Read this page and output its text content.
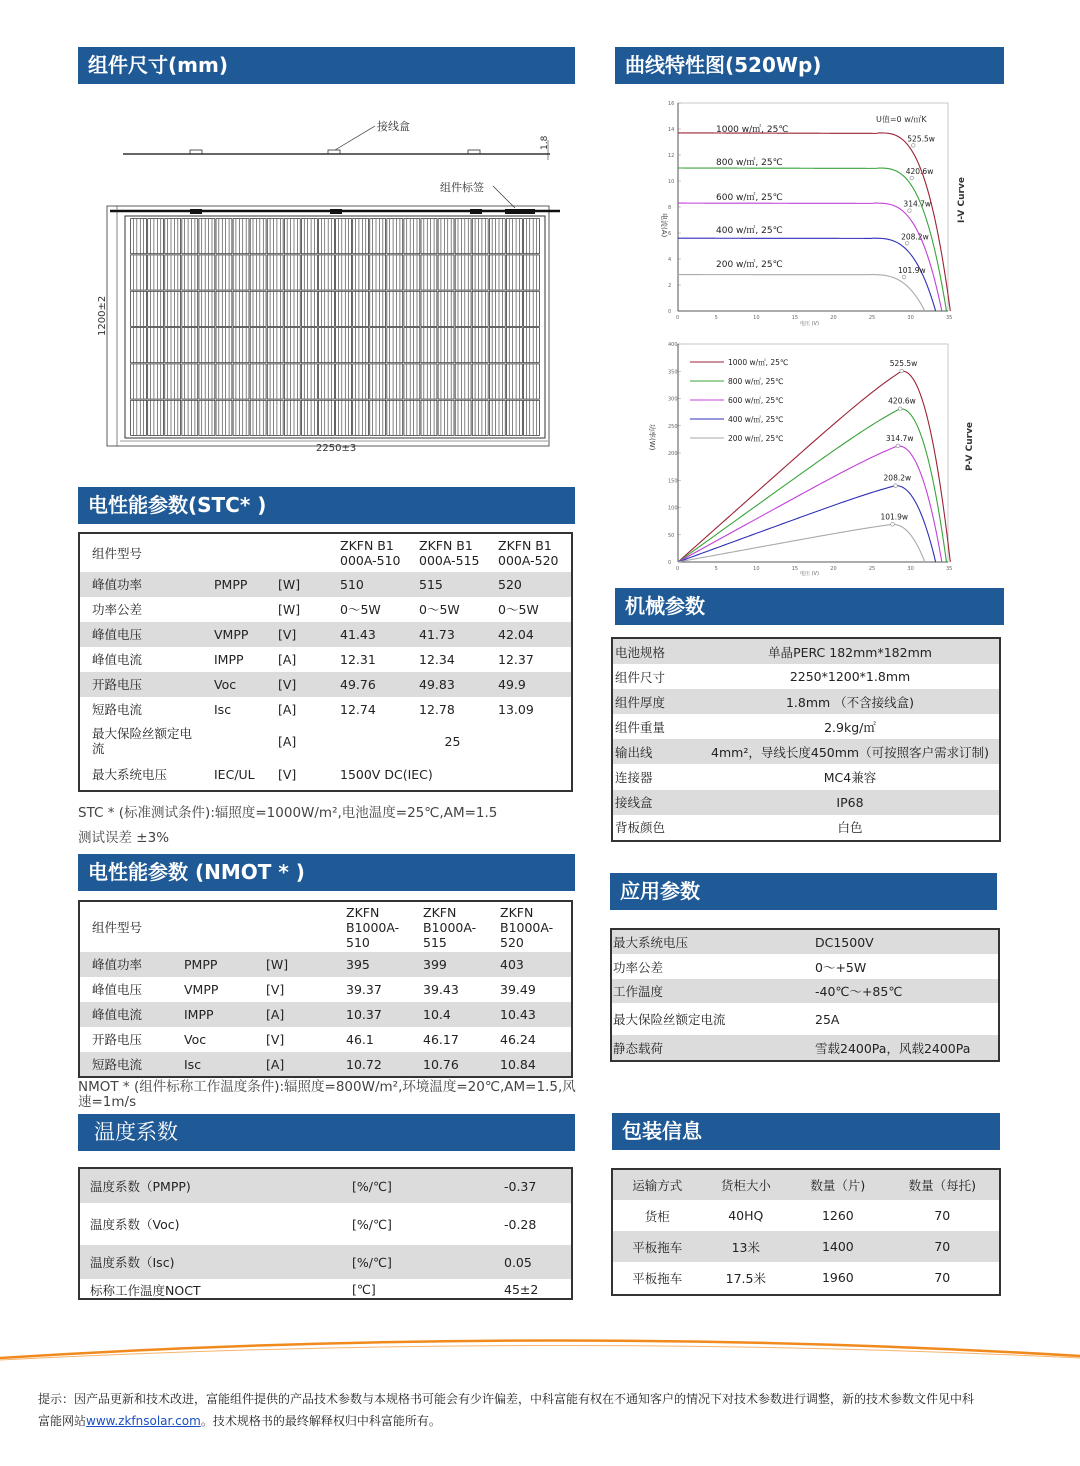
组件尺寸(mm)	曲线特性图(520Wp)
电性能参数(STC* )
机械参数
电性能参数 (NMOT * )
应用参数
温度系数	包装信息
接线盒
1.8
组件标签
1200±2
2250±3
0	5	10	15	20	25	30	35
0
2
4
6
8
10
12
14
16
525.5w
1000 w/㎡, 25℃
420.6w
800 w/㎡, 25℃
314.7w
600 w/㎡, 25℃
208.2w
400 w/㎡, 25℃
101.9w
200 w/㎡, 25℃
电流(A)
电压 (V)
I-V Curve
U值=0 w/㎡K
0	5	10	15	20	25	30	35
0
50
100
150
200
250
300
350
400
525.5w
1000 w/㎡, 25℃
420.6w
800 w/㎡, 25℃
314.7w
600 w/㎡, 25℃
208.2w
400 w/㎡, 25℃
101.9w
200 w/㎡, 25℃
功率(W)
电压 (V)
P-V Curve
组件型号			ZKFN B1
000A-510	ZKFN B1
000A-515	ZKFN B1
000A-520
峰值功率	PMPP	[W]	510	515	520
功率公差		[W]	0～5W	0～5W	0～5W
峰值电压	VMPP	[V]	41.43	41.73	42.04
峰值电流	IMPP	[A]	12.31	12.34	12.37
开路电压	Voc	[V]	49.76	49.83	49.9
短路电流	Isc	[A]	12.74	12.78	13.09
最大保险丝额定电流		[A]	25		
最大系统电压	IEC/UL	[V]	1500V DC(IEC)		
STC * (标准测试条件):辐照度=1000W/m²,电池温度=25℃,AM=1.5
测试误差 ±3%
组件型号			ZKFN
B1000A-
510	ZKFN
B1000A-
515	ZKFN
B1000A-
520
峰值功率	PMPP	[W]	395	399	403
峰值电压	VMPP	[V]	39.37	39.43	39.49
峰值电流	IMPP	[A]	10.37	10.4	10.43
开路电压	Voc	[V]	46.1	46.17	46.24
短路电流	Isc	[A]	10.72	10.76	10.84
NMOT * (组件标称工作温度条件):辐照度=800W/m²,环境温度=20℃,AM=1.5,风速=1m/s
温度系数（PMPP)	[%/℃]	-0.37
温度系数（Voc)	[%/℃]	-0.28
温度系数（Isc)	[%/℃]	0.05
标称工作温度NOCT	[℃]	45±2
电池规格	单晶PERC 182mm*182mm
组件尺寸	2250*1200*1.8mm
组件厚度	1.8mm （不含接线盒)
组件重量	2.9kg/㎡
输出线	4mm²，导线长度450mm（可按照客户需求订制)
连接器	MC4兼容
接线盒	IP68
背板颜色	白色
最大系统电压	DC1500V
功率公差	0～+5W
工作温度	-40℃～+85℃
最大保险丝额定电流	25A
静态载荷	雪载2400Pa，风载2400Pa
运输方式	货柜大小	数量（片)	数量（每托)
货柜	40HQ	1260	70
平板拖车	13米	1400	70
平板拖车	17.5米	1960	70
提示：因产品更新和技术改进，富能组件提供的产品技术参数与本规格书可能会有少许偏差，中科富能有权在不通知客户的情况下对技术参数进行调整，新的技术参数文件见中科
富能网站www.zkfnsolar.com。技术规格书的最终解释权归中科富能所有。
